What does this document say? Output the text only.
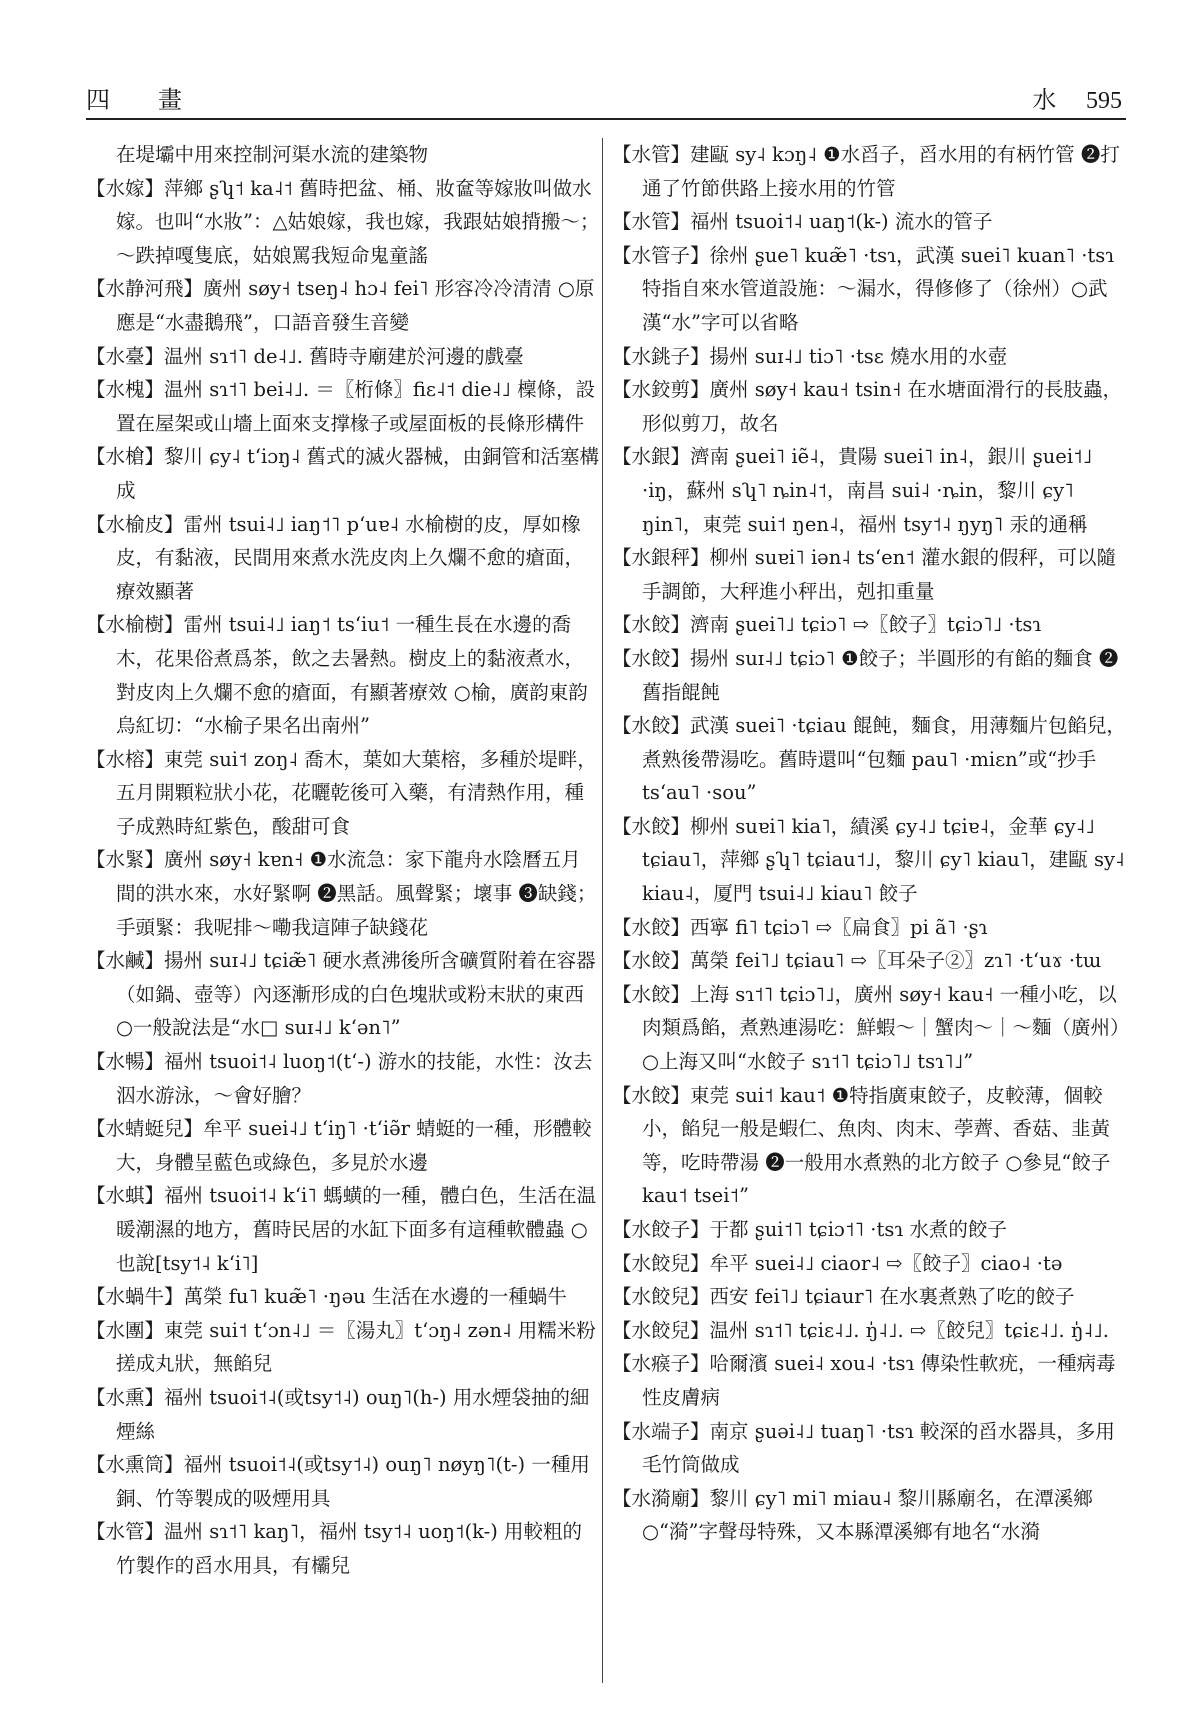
四　畫	水 595

在堤壩中用來控制河渠水流的建築物

【水嫁】萍鄉 ʂʮ˦ ka˨˦ 舊時把盆、桶、妝奩等嫁妝叫做水嫁。也叫“水妝”：△姑娘嫁，我也嫁，我跟姑娘揹搬～；～跌掉嘎隻底，姑娘罵我短命鬼童謠

【水静河飛】廣州 søy˧ tseŋ˨ hɔ˨ fei˥ 形容冷冷清清 ○原應是“水盡鵝飛”，口語音發生音變

【水臺】温州 sɿ˦˥ de˨˩. 舊時寺廟建於河邊的戲臺

【水槐】温州 sɿ˦˥ bei˨˩. ＝〖桁條〗fiɛ˨˦ die˨˩ 檁條，設置在屋架或山墻上面來支撑椽子或屋面板的長條形構件

【水槍】黎川 ɕy˨ tʻiɔŋ˨ 舊式的滅火器械，由銅管和活塞構成

【水榆皮】雷州 tsui˨˩ iaŋ˦˥ pʻuɐ˨ 水榆樹的皮，厚如橡皮，有黏液，民間用來煮水洗皮肉上久爛不愈的瘡面，療效顯著

【水榆樹】雷州 tsui˨˩ iaŋ˦ tsʻiu˦ 一種生長在水邊的喬木，花果俗煮爲茶，飲之去暑熱。樹皮上的黏液煮水，對皮肉上久爛不愈的瘡面，有顯著療效 ○榆，廣韵東韵烏紅切：“水榆子果名出南州”

【水榕】東莞 sui˦ zoŋ˨ 喬木，葉如大葉榕，多種於堤畔，五月開顆粒狀小花，花曬乾後可入藥，有清熱作用，種子成熟時紅紫色，酸甜可食

【水緊】廣州 søy˧ kɐn˧ ❶水流急：家下龍舟水陰曆五月間的洪水來，水好緊啊 ❷黑話。風聲緊；壞事 ❸缺錢；手頭緊：我呢排～嘞我這陣子缺錢花

【水鹹】揚州 suɪ˨˩ tɕiæ̃˥ 硬水煮沸後所含礦質附着在容器（如鍋、壺等）內逐漸形成的白色塊狀或粉末狀的東西 ○一般說法是“水□ suɪ˨˩ kʻən˥”

【水暢】福州 tsuoi˦˨ luoŋ˦(tʻ-) 游水的技能，水性：汝去泅水游泳，～會好膾？

【水蜻蜓兒】牟平 suei˨˩ tʻiŋ˥ ·tʻiə̃r 蜻蜓的一種，形體較大，身體呈藍色或綠色，多見於水邊

【水蜞】福州 tsuoi˦˨ kʻi˥ 螞蟥的一種，體白色，生活在温暖潮濕的地方，舊時民居的水缸下面多有這種軟體蟲 ○也說[tsy˦˨ kʻi˥]

【水蝸牛】萬榮 fu˥ kuæ̃˥ ·ŋəu 生活在水邊的一種蝸牛

【水團】東莞 sui˦ tʻɔn˨˩ ＝〖湯丸〗tʻɔŋ˨ zən˨ 用糯米粉搓成丸狀，無餡兒

【水熏】福州 tsuoi˦˨(或tsy˦˨) ouŋ˥(h-) 用水煙袋抽的細煙絲

【水熏筒】福州 tsuoi˦˨(或tsy˦˨) ouŋ˥ nøyŋ˥(t-) 一種用銅、竹等製成的吸煙用具

【水管】温州 sɿ˦˥ kaŋ˥，福州 tsy˦˨ uoŋ˦(k-) 用較粗的竹製作的舀水用具，有欛兒

【水管】建甌 sy˨ kɔŋ˨ ❶水舀子，舀水用的有柄竹管 ❷打通了竹節供路上接水用的竹管

【水管】福州 tsuoi˦˨ uaŋ˦(k-) 流水的管子

【水管子】徐州 ʂue˥ kuæ̃˥ ·tsɿ，武漢 suei˥ kuan˥ ·tsɿ 特指自來水管道設施：～漏水，得修修了（徐州）○武漢“水”字可以省略

【水銚子】揚州 suɪ˨˩ tiɔ˥ ·tsɛ 燒水用的水壺

【水鉸剪】廣州 søy˧ kau˧ tsin˧ 在水塘面滑行的長肢蟲，形似剪刀，故名

【水銀】濟南 ʂuei˥ iẽ˨，貴陽 suei˥ in˨，銀川 ʂuei˦˩ ·iŋ，蘇州 sʮ˥ ȵin˨˦，南昌 sui˨ ·ȵin，黎川 ɕy˥ ŋin˥，東莞 sui˦ ŋen˨，福州 tsy˦˨ ŋyŋ˥ 汞的通稱

【水銀秤】柳州 suɐi˥ iən˨ tsʻen˦ 灌水銀的假秤，可以隨手調節，大秤進小秤出，剋扣重量

【水餃】濟南 ʂuei˥˩ tɕiɔ˥ ⇨〖餃子〗tɕiɔ˥˩ ·tsɿ

【水餃】揚州 suɪ˨˩ tɕiɔ˥ ❶餃子；半圓形的有餡的麵食 ❷舊指餛飩

【水餃】武漢 suei˥ ·tɕiau 餛飩，麵食，用薄麵片包餡兒，煮熟後帶湯吃。舊時還叫“包麵 pau˥ ·miɛn”或“抄手 tsʻau˥ ·sou”

【水餃】柳州 suɐi˥ kia˥，績溪 ɕy˨˩ tɕiɐ˨，金華 ɕy˨˩ tɕiau˥，萍鄉 ʂʮ˥ tɕiau˦˩，黎川 ɕy˥ kiau˥，建甌 sy˨ kiau˨，厦門 tsui˨˩ kiau˥ 餃子

【水餃】西寧 fi˥ tɕiɔ˥ ⇨〖扁食〗pi ã˥ ·ʂɿ

【水餃】萬榮 fei˥˩ tɕiau˥ ⇨〖耳朵子②〗zɿ˥ ·tʻuɤ ·tɯ

【水餃】上海 sɿ˦˥ tɕiɔ˥˩，廣州 søy˧ kau˧ 一種小吃，以肉類爲餡，煮熟連湯吃：鮮蝦～｜蟹肉～｜～麵（廣州）○上海又叫“水餃子 sɿ˦˥ tɕiɔ˥˩ tsɿ˥˩”

【水餃】東莞 sui˦ kau˦ ❶特指廣東餃子，皮較薄，個較小，餡兒一般是蝦仁、魚肉、肉末、荸薺、香菇、韭黃等，吃時帶湯 ❷一般用水煮熟的北方餃子 ○參見“餃子 kau˦ tsei˦”

【水餃子】于都 ʂui˦˥ tɕiɔ˦˥ ·tsɿ 水煮的餃子

【水餃兒】牟平 suei˨˩ ciaor˨ ⇨〖餃子〗ciao˨ ·tə

【水餃兒】西安 fei˥˩ tɕiaur˥ 在水裏煮熟了吃的餃子

【水餃兒】温州 sɿ˦˥ tɕiɛ˨˩. ŋ̍˨˩. ⇨〖餃兒〗tɕiɛ˨˩. ŋ̍˨˩.

【水瘊子】哈爾濱 suei˨ xou˨ ·tsɿ 傳染性軟疣，一種病毒性皮膚病

【水端子】南京 ʂuəi˨˩ tuaŋ˥ ·tsɿ 較深的舀水器具，多用毛竹筒做成

【水漪廟】黎川 ɕy˥ mi˥ miau˨ 黎川縣廟名，在潭溪鄉 ○“漪”字聲母特殊，又本縣潭溪鄉有地名“水漪
